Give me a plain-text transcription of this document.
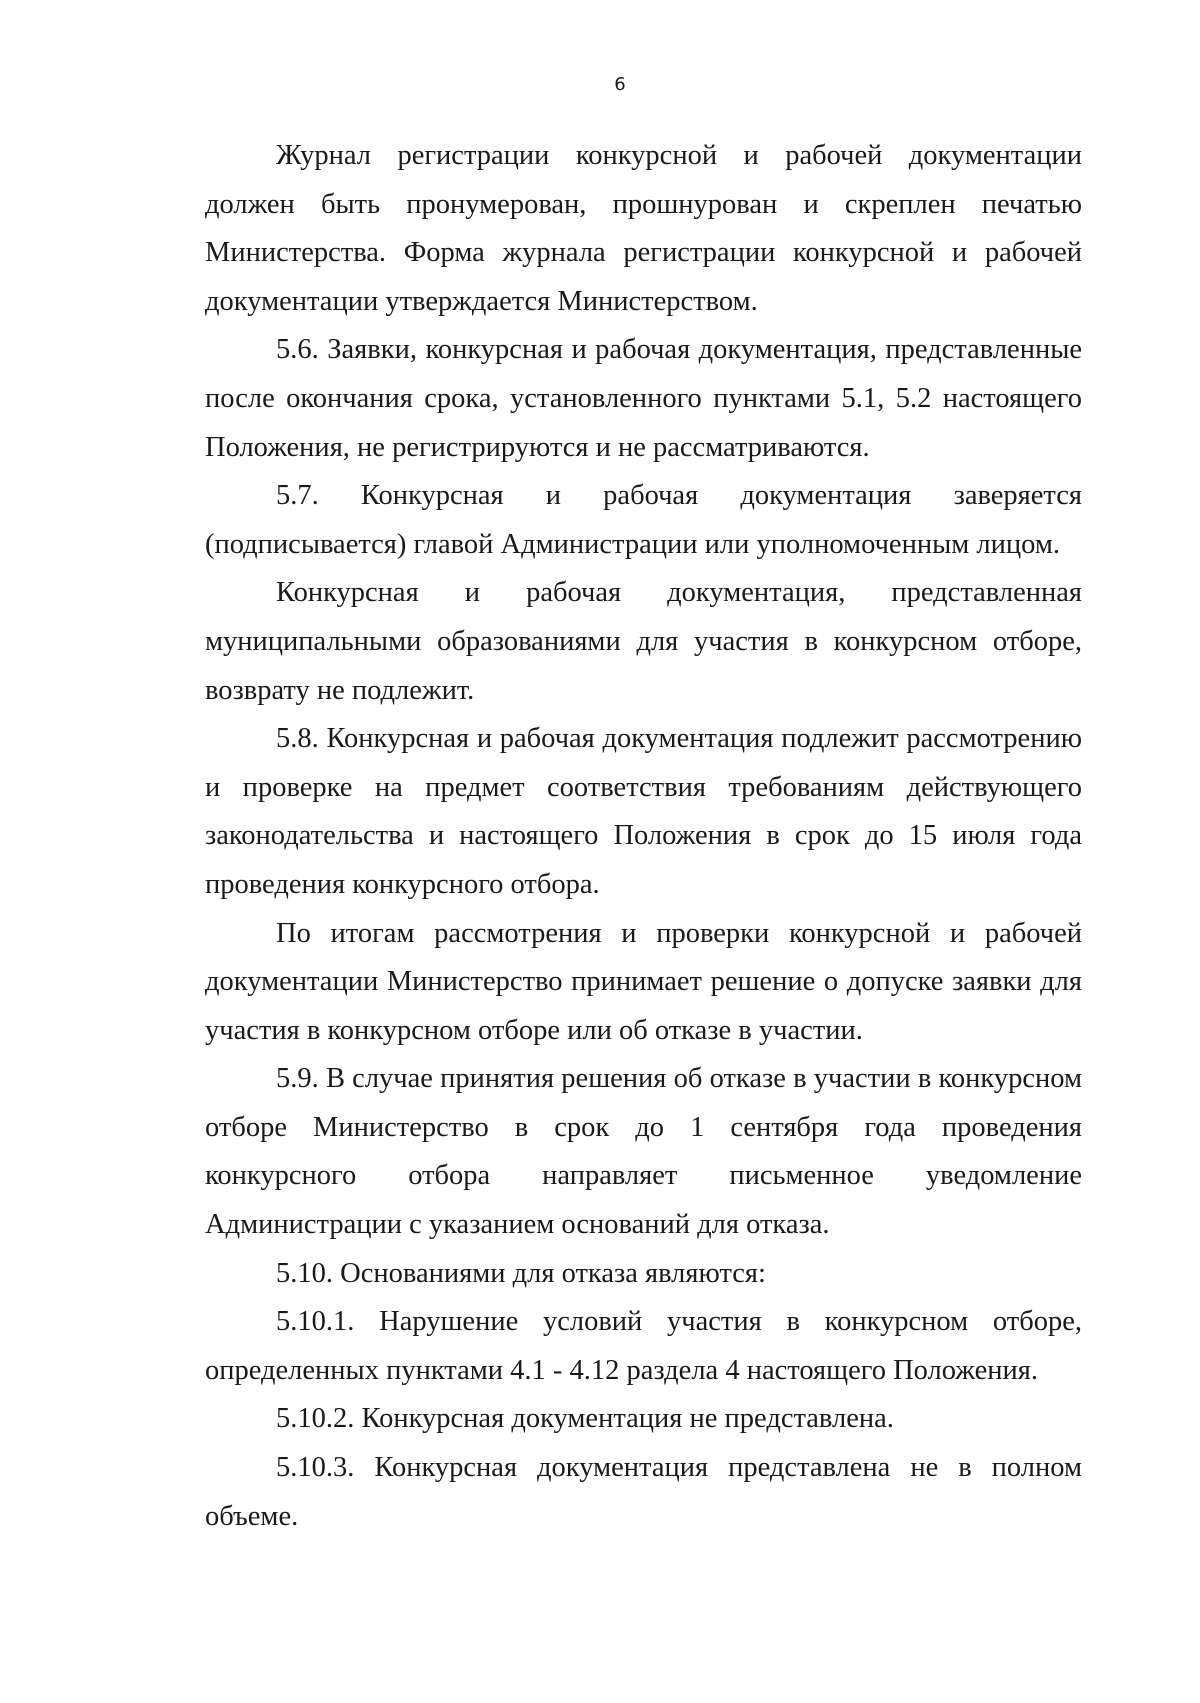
6

Журнал регистрации конкурсной и рабочей документации должен быть пронумерован, прошнурован и скреплен печатью Министерства. Форма журнала регистрации конкурсной и рабочей документации утверждается Министерством.

5.6. Заявки, конкурсная и рабочая документация, представленные после окончания срока, установленного пунктами 5.1, 5.2 настоящего Положения, не регистрируются и не рассматриваются.

5.7. Конкурсная и рабочая документация заверяется (подписывается) главой Администрации или уполномоченным лицом.

Конкурсная и рабочая документация, представленная муниципальными образованиями для участия в конкурсном отборе, возврату не подлежит.

5.8. Конкурсная и рабочая документация подлежит рассмотрению и проверке на предмет соответствия требованиям действующего законодательства и настоящего Положения в срок до 15 июля года проведения конкурсного отбора.

По итогам рассмотрения и проверки конкурсной и рабочей документации Министерство принимает решение о допуске заявки для участия в конкурсном отборе или об отказе в участии.

5.9. В случае принятия решения об отказе в участии в конкурсном отборе Министерство в срок до 1 сентября года проведения конкурсного отбора направляет письменное уведомление Администрации с указанием оснований для отказа.

5.10. Основаниями для отказа являются:

5.10.1. Нарушение условий участия в конкурсном отборе, определенных пунктами 4.1 - 4.12 раздела 4 настоящего Положения.

5.10.2. Конкурсная документация не представлена.

5.10.3. Конкурсная документация представлена не в полном объеме.
